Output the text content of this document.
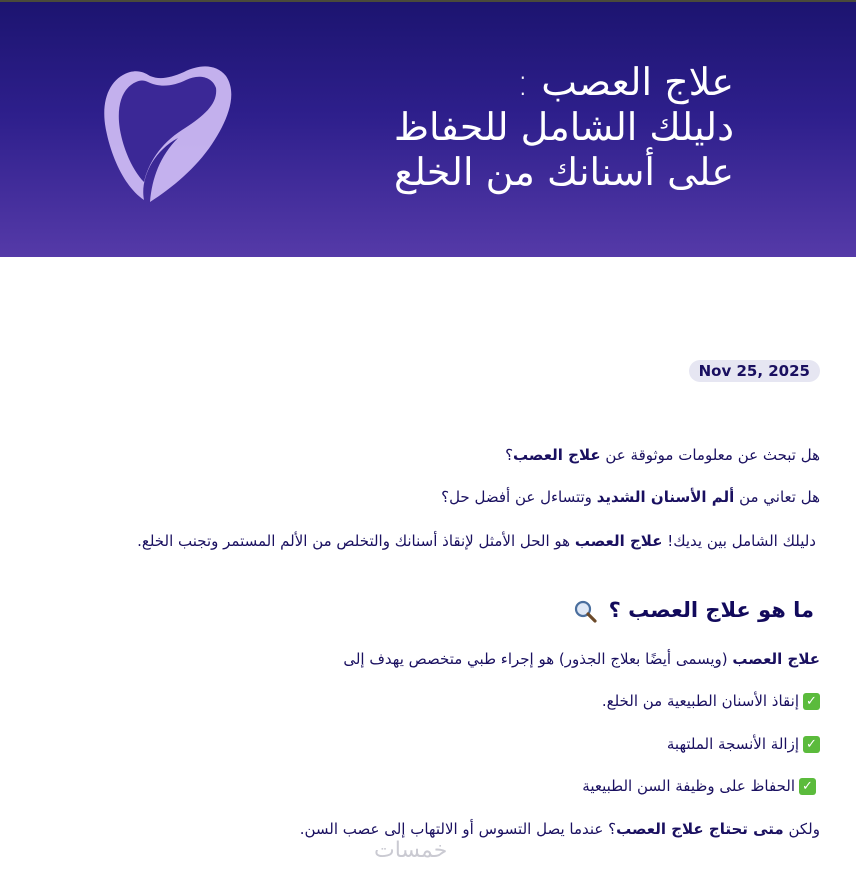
علاج العصب :
دليلك الشامل للحفاظ
على أسنانك من الخلع
Nov 25, 2025

هل تبحث عن معلومات موثوقة عن علاج العصب؟

هل تعاني من ألم الأسنان الشديد وتتساءل عن أفضل حل؟

دليلك الشامل بين يديك! علاج العصب هو الحل الأمثل لإنقاذ أسنانك والتخلص من الألم المستمر وتجنب الخلع.

ما هو علاج العصب ؟

علاج العصب (ويسمى أيضًا بعلاج الجذور) هو إجراء طبي متخصص يهدف إلى

✓إنقاذ الأسنان الطبيعية من الخلع.

✓إزالة الأنسجة الملتهبة

✓الحفاظ على وظيفة السن الطبيعية

ولكن متى تحتاج علاج العصب؟ عندما يصل التسوس أو الالتهاب إلى عصب السن.

خمسات
